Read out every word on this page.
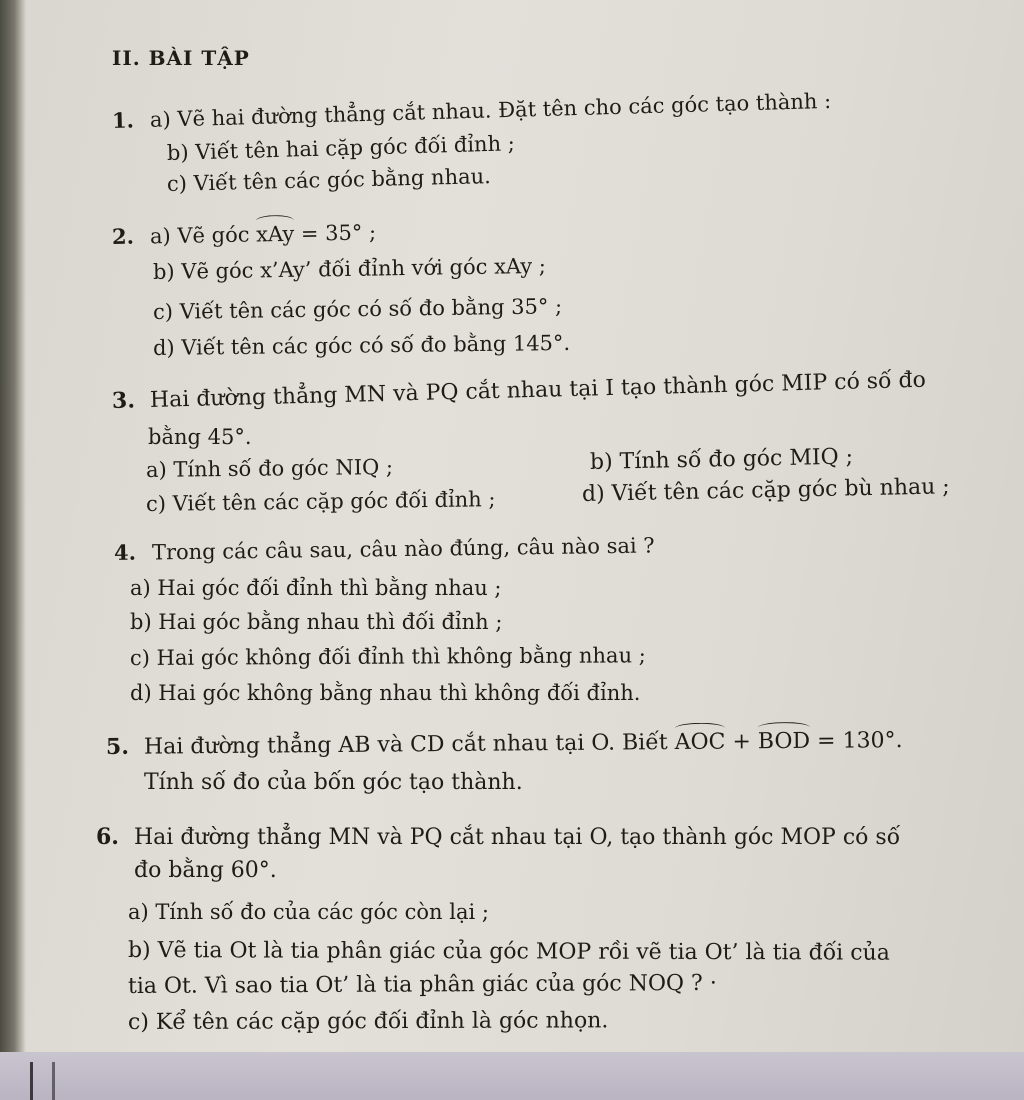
II. BÀI TẬP
1. a) Vẽ hai đường thẳng cắt nhau. Đặt tên cho các góc tạo thành :
b) Viết tên hai cặp góc đối đỉnh ;
c) Viết tên các góc bằng nhau.
2. a) Vẽ góc xAy = 35° ;
b) Vẽ góc x’Ay’ đối đỉnh với góc xAy ;
c) Viết tên các góc có số đo bằng 35° ;
d) Viết tên các góc có số đo bằng 145°.
3. Hai đường thẳng MN và PQ cắt nhau tại I tạo thành góc MIP có số đo
bằng 45°.
a) Tính số đo góc NIQ ;	b) Tính số đo góc MIQ ;
c) Viết tên các cặp góc đối đỉnh ;	d) Viết tên các cặp góc bù nhau ;
4. Trong các câu sau, câu nào đúng, câu nào sai ?
a) Hai góc đối đỉnh thì bằng nhau ;
b) Hai góc bằng nhau thì đối đỉnh ;
c) Hai góc không đối đỉnh thì không bằng nhau ;
d) Hai góc không bằng nhau thì không đối đỉnh.
5. Hai đường thẳng AB và CD cắt nhau tại O. Biết AOC + BOD = 130°.
Tính số đo của bốn góc tạo thành.
6. Hai đường thẳng MN và PQ cắt nhau tại O, tạo thành góc MOP có số
đo bằng 60°.
a) Tính số đo của các góc còn lại ;
b) Vẽ tia Ot là tia phân giác của góc MOP rồi vẽ tia Ot’ là tia đối của
tia Ot. Vì sao tia Ot’ là tia phân giác của góc NOQ ? ·
c) Kể tên các cặp góc đối đỉnh là góc nhọn.
